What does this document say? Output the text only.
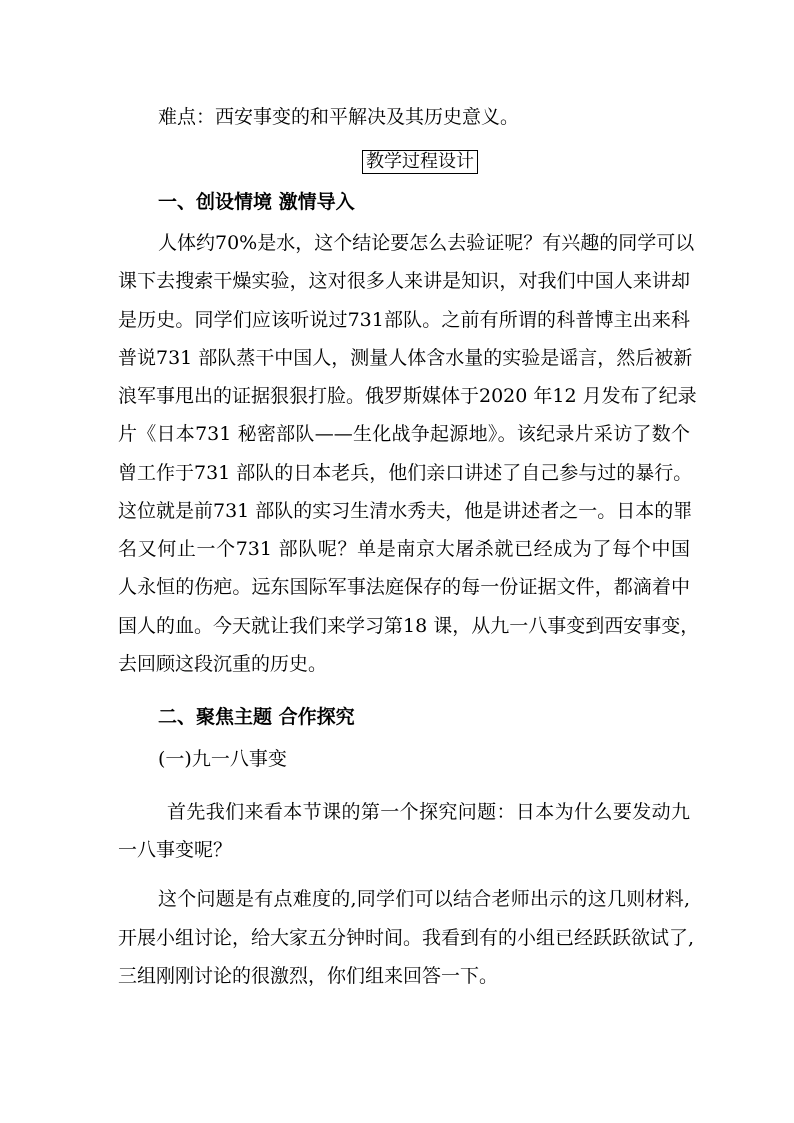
难点：西安事变的和平解决及其历史意义。
教学过程设计
一、创设情境 激情导入
人体约70%是水，这个结论要怎么去验证呢？有兴趣的同学可以
课下去搜索干燥实验，这对很多人来讲是知识，对我们中国人来讲却
是历史。同学们应该听说过731部队。之前有所谓的科普博主出来科
普说731 部队蒸干中国人，测量人体含水量的实验是谣言，然后被新
浪军事甩出的证据狠狠打脸。俄罗斯媒体于2020 年12 月发布了纪录
片《日本731 秘密部队——生化战争起源地》。该纪录片采访了数个
曾工作于731 部队的日本老兵，他们亲口讲述了自己参与过的暴行。
这位就是前731 部队的实习生清水秀夫，他是讲述者之一。日本的罪
名又何止一个731 部队呢？单是南京大屠杀就已经成为了每个中国
人永恒的伤疤。远东国际军事法庭保存的每一份证据文件，都滴着中
国人的血。今天就让我们来学习第18 课，从九一八事变到西安事变，
去回顾这段沉重的历史。
二、聚焦主题 合作探究
(一)九一八事变
首先我们来看本节课的第一个探究问题：日本为什么要发动九
一八事变呢？
这个问题是有点难度的,同学们可以结合老师出示的这几则材料,
开展小组讨论，给大家五分钟时间。我看到有的小组已经跃跃欲试了,
三组刚刚讨论的很激烈，你们组来回答一下。
